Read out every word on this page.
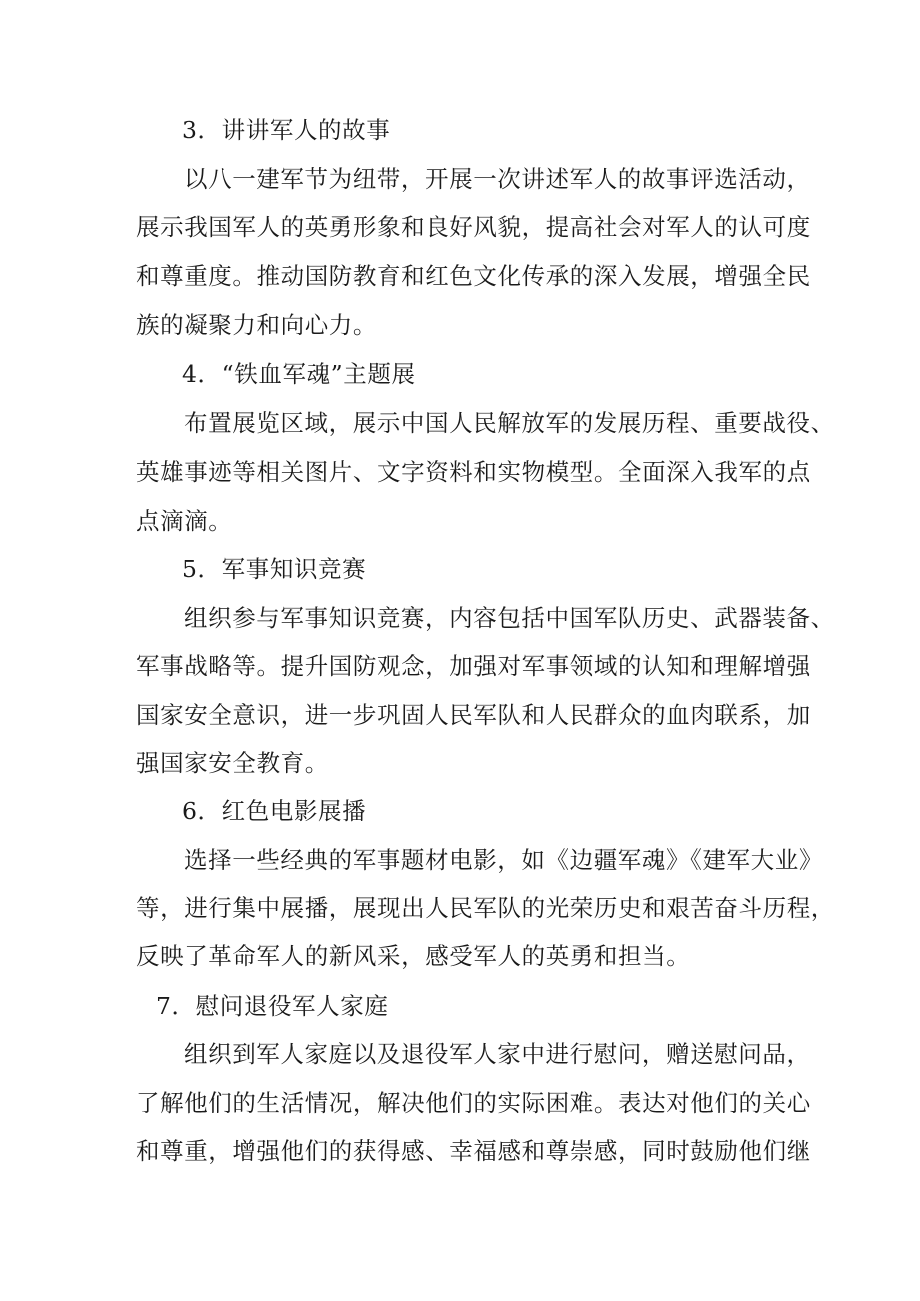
3．讲讲军人的故事
以八一建军节为纽带，开展一次讲述军人的故事评选活动，
展示我国军人的英勇形象和良好风貌，提高社会对军人的认可度
和尊重度。推动国防教育和红色文化传承的深入发展，增强全民
族的凝聚力和向心力。
4．“铁血军魂”主题展
布置展览区域，展示中国人民解放军的发展历程、重要战役、
英雄事迹等相关图片、文字资料和实物模型。全面深入我军的点
点滴滴。
5．军事知识竞赛
组织参与军事知识竞赛，内容包括中国军队历史、武器装备、
军事战略等。提升国防观念，加强对军事领域的认知和理解增强
国家安全意识，进一步巩固人民军队和人民群众的血肉联系，加
强国家安全教育。
6．红色电影展播
选择一些经典的军事题材电影，如《边疆军魂》《建军大业》
等，进行集中展播，展现出人民军队的光荣历史和艰苦奋斗历程，
反映了革命军人的新风采，感受军人的英勇和担当。
7．慰问退役军人家庭
组织到军人家庭以及退役军人家中进行慰问，赠送慰问品，
了解他们的生活情况，解决他们的实际困难。表达对他们的关心
和尊重，增强他们的获得感、幸福感和尊崇感，同时鼓励他们继
